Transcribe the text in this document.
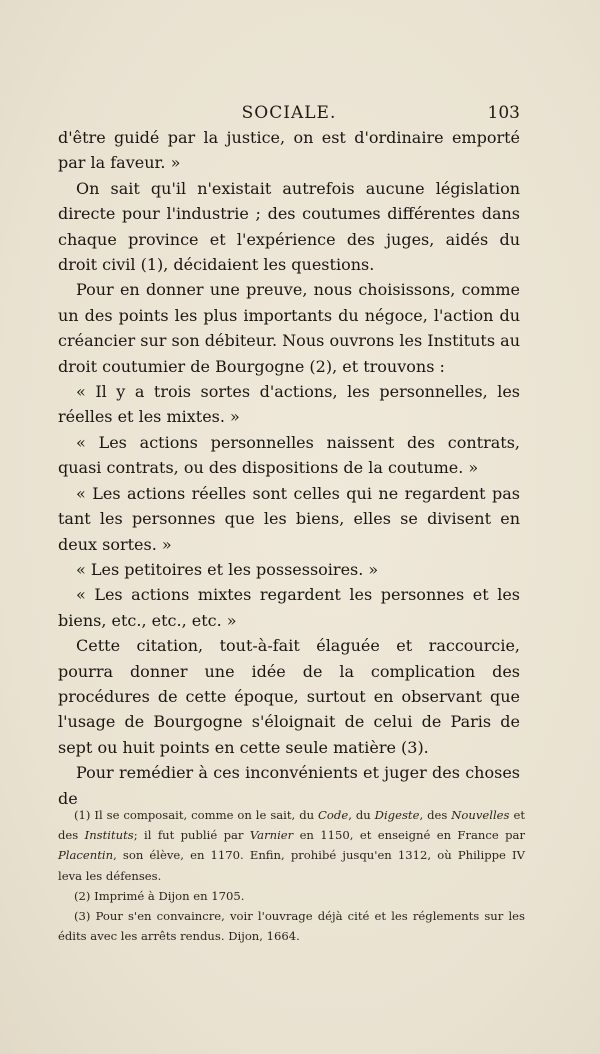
SOCIALE.	103

d'être guidé par la justice, on est d'ordinaire emporté par la faveur. »

On sait qu'il n'existait autrefois aucune législation directe pour l'industrie ; des coutumes différentes dans chaque province et l'expérience des juges, aidés du droit civil (1), décidaient les questions.

Pour en donner une preuve, nous choisissons, comme un des points les plus importants du négoce, l'action du créancier sur son débiteur. Nous ouvrons les Instituts au droit coutumier de Bourgogne (2), et trouvons :

« Il y a trois sortes d'actions, les personnelles, les réelles et les mixtes. »

« Les actions personnelles naissent des contrats, quasi contrats, ou des dispositions de la coutume. »

« Les actions réelles sont celles qui ne regardent pas tant les personnes que les biens, elles se divisent en deux sortes. »

« Les petitoires et les possessoires. »

« Les actions mixtes regardent les personnes et les biens, etc., etc., etc. »

Cette citation, tout-à-fait élaguée et raccourcie, pourra donner une idée de la complication des procédures de cette époque, surtout en observant que l'usage de Bourgogne s'éloignait de celui de Paris de sept ou huit points en cette seule matière (3).

Pour remédier à ces inconvénients et juger des choses de

(1) Il se composait, comme on le sait, du Code, du Digeste, des Nouvelles et des Instituts; il fut publié par Varnier en 1150, et enseigné en France par Placentin, son élève, en 1170. Enfin, prohibé jusqu'en 1312, où Philippe IV leva les défenses.

(2) Imprimé à Dijon en 1705.

(3) Pour s'en convaincre, voir l'ouvrage déjà cité et les réglements sur les édits avec les arrêts rendus. Dijon, 1664.
